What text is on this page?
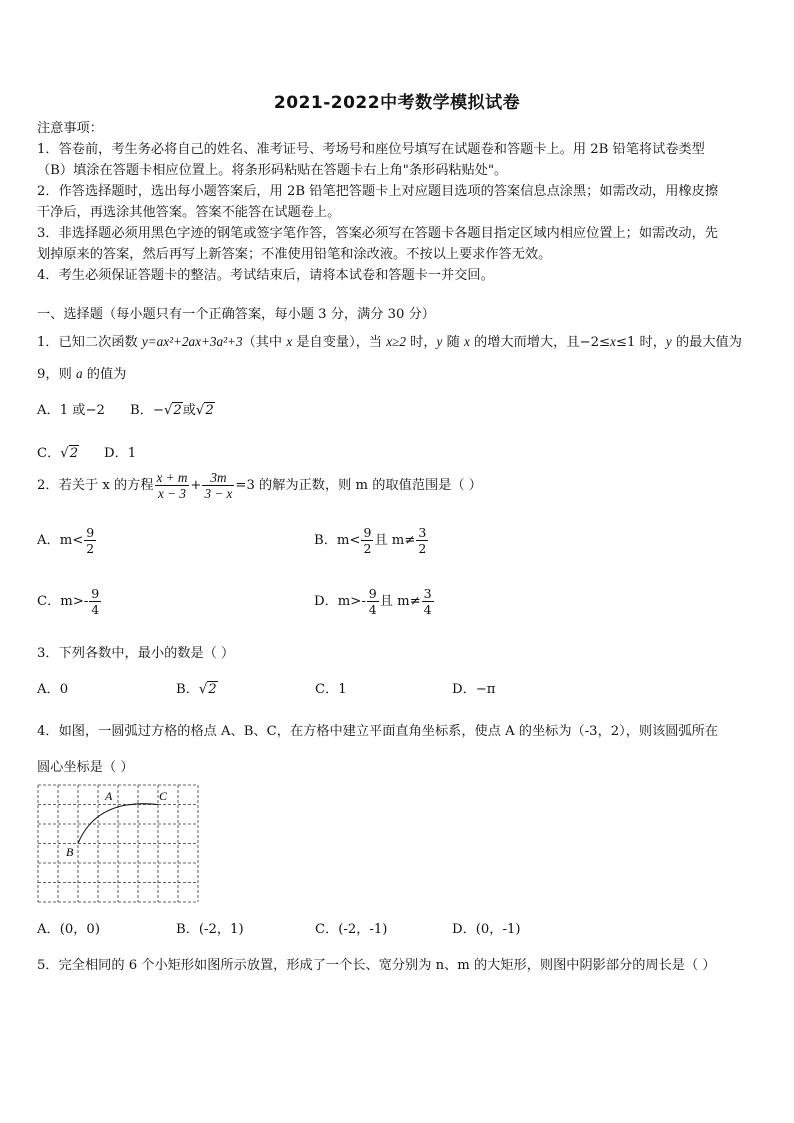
2021-2022中考数学模拟试卷
注意事项：
1．答卷前，考生务必将自己的姓名、准考证号、考场号和座位号填写在试题卷和答题卡上。用 2B 铅笔将试卷类型
（B）填涂在答题卡相应位置上。将条形码粘贴在答题卡右上角"条形码粘贴处"。
2．作答选择题时，选出每小题答案后，用 2B 铅笔把答题卡上对应题目选项的答案信息点涂黑；如需改动，用橡皮擦
干净后，再选涂其他答案。答案不能答在试题卷上。
3．非选择题必须用黑色字迹的钢笔或签字笔作答，答案必须写在答题卡各题目指定区域内相应位置上；如需改动，先
划掉原来的答案，然后再写上新答案；不准使用铅笔和涂改液。不按以上要求作答无效。
4．考生必须保证答题卡的整洁。考试结束后，请将本试卷和答题卡一并交回。
一、选择题（每小题只有一个正确答案，每小题 3 分，满分 30 分）
1．已知二次函数 y=ax²+2ax+3a²+3（其中 x 是自变量），当 x≥2 时，y 随 x 的增大而增大，且−2≤x≤1 时，y 的最大值为
9，则 a 的值为
A．1 或−2 B．−√2或√2
C．√2 D．1
2．若关于 x 的方程 $\frac{x + m}{x - 3} + \frac{3m}{3 - x} =3$ 的解为正数，则 m 的取值范围是（ ）
A．$m< \frac{9}{2}$	B．$m< \frac{9}{2}$ 且 $m\ne \frac{3}{2}$
C．$m>- \frac{9}{4}$	D．$m>- \frac{9}{4}$ 且 $m\ne \frac{3}{4}$
3．下列各数中，最小的数是（ ）
A．0	B．√2	C．1	D．−π
4．如图，一圆弧过方格的格点 A、B、C，在方格中建立平面直角坐标系，使点 A 的坐标为（-3，2），则该圆弧所在
圆心坐标是（ ）
A
B
C
A．(0，0)	B．(-2，1)	C．(-2，-1)	D．(0，-1)
5．完全相同的 6 个小矩形如图所示放置，形成了一个长、宽分别为 n、m 的大矩形，则图中阴影部分的周长是（ ）
